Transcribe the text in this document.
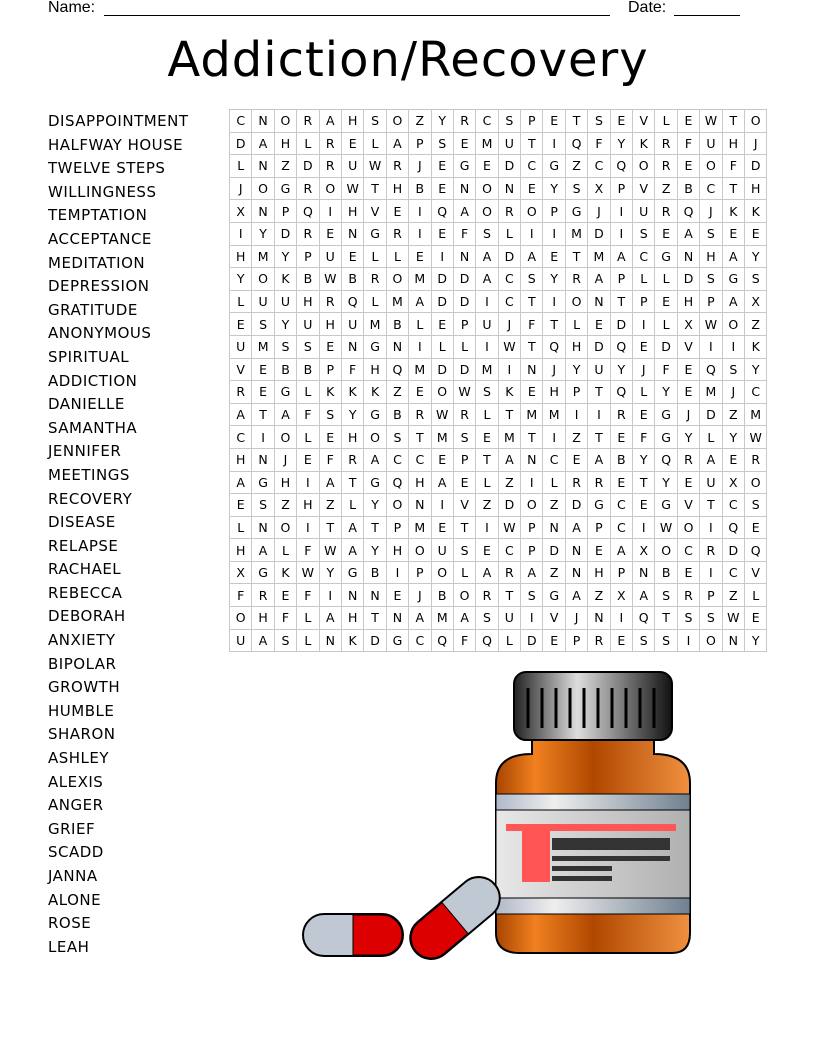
Name:	Date:
Addiction/Recovery
DISAPPOINTMENT
HALFWAY HOUSE
TWELVE STEPS
WILLINGNESS
TEMPTATION
ACCEPTANCE
MEDITATION
DEPRESSION
GRATITUDE
ANONYMOUS
SPIRITUAL
ADDICTION
DANIELLE
SAMANTHA
JENNIFER
MEETINGS
RECOVERY
DISEASE
RELAPSE
RACHAEL
REBECCA
DEBORAH
ANXIETY
BIPOLAR
GROWTH
HUMBLE
SHARON
ASHLEY
ALEXIS
ANGER
GRIEF
SCADD
JANNA
ALONE
ROSE
LEAH
C	N	O	R	A	H	S	O	Z	Y	R	C	S	P	E	T	S	E	V	L	E	W	T	O
D	A	H	L	R	E	L	A	P	S	E	M	U	T	I	Q	F	Y	K	R	F	U	H	J
L	N	Z	D	R	U	W	R	J	E	G	E	D	C	G	Z	C	Q	O	R	E	O	F	D
J	O	G	R	O	W	T	H	B	E	N	O	N	E	Y	S	X	P	V	Z	B	C	T	H
X	N	P	Q	I	H	V	E	I	Q	A	O	R	O	P	G	J	I	U	R	Q	J	K	K
I	Y	D	R	E	N	G	R	I	E	F	S	L	I	I	M	D	I	S	E	A	S	E	E
H	M	Y	P	U	E	L	L	E	I	N	A	D	A	E	T	M	A	C	G	N	H	A	Y
Y	O	K	B	W	B	R	O	M	D	D	A	C	S	Y	R	A	P	L	L	D	S	G	S
L	U	U	H	R	Q	L	M	A	D	D	I	C	T	I	O	N	T	P	E	H	P	A	X
E	S	Y	U	H	U	M	B	L	E	P	U	J	F	T	L	E	D	I	L	X	W	O	Z
U	M	S	S	E	N	G	N	I	L	L	I	W	T	Q	H	D	Q	E	D	V	I	I	K
V	E	B	B	P	F	H	Q	M	D	D	M	I	N	J	Y	U	Y	J	F	E	Q	S	Y
R	E	G	L	K	K	K	Z	E	O	W	S	K	E	H	P	T	Q	L	Y	E	M	J	C
A	T	A	F	S	Y	G	B	R	W	R	L	T	M	M	I	I	R	E	G	J	D	Z	M
C	I	O	L	E	H	O	S	T	M	S	E	M	T	I	Z	T	E	F	G	Y	L	Y	W
H	N	J	E	F	R	A	C	C	E	P	T	A	N	C	E	A	B	Y	Q	R	A	E	R
A	G	H	I	A	T	G	Q	H	A	E	L	Z	I	L	R	R	E	T	Y	E	U	X	O
E	S	Z	H	Z	L	Y	O	N	I	V	Z	D	O	Z	D	G	C	E	G	V	T	C	S
L	N	O	I	T	A	T	P	M	E	T	I	W	P	N	A	P	C	I	W	O	I	Q	E
H	A	L	F	W	A	Y	H	O	U	S	E	C	P	D	N	E	A	X	O	C	R	D	Q
X	G	K	W	Y	G	B	I	P	O	L	A	R	A	Z	N	H	P	N	B	E	I	C	V
F	R	E	F	I	N	N	E	J	B	O	R	T	S	G	A	Z	X	A	S	R	P	Z	L
O	H	F	L	A	H	T	N	A	M	A	S	U	I	V	J	N	I	Q	T	S	S	W	E
U	A	S	L	N	K	D	G	C	Q	F	Q	L	D	E	P	R	E	S	S	I	O	N	Y
